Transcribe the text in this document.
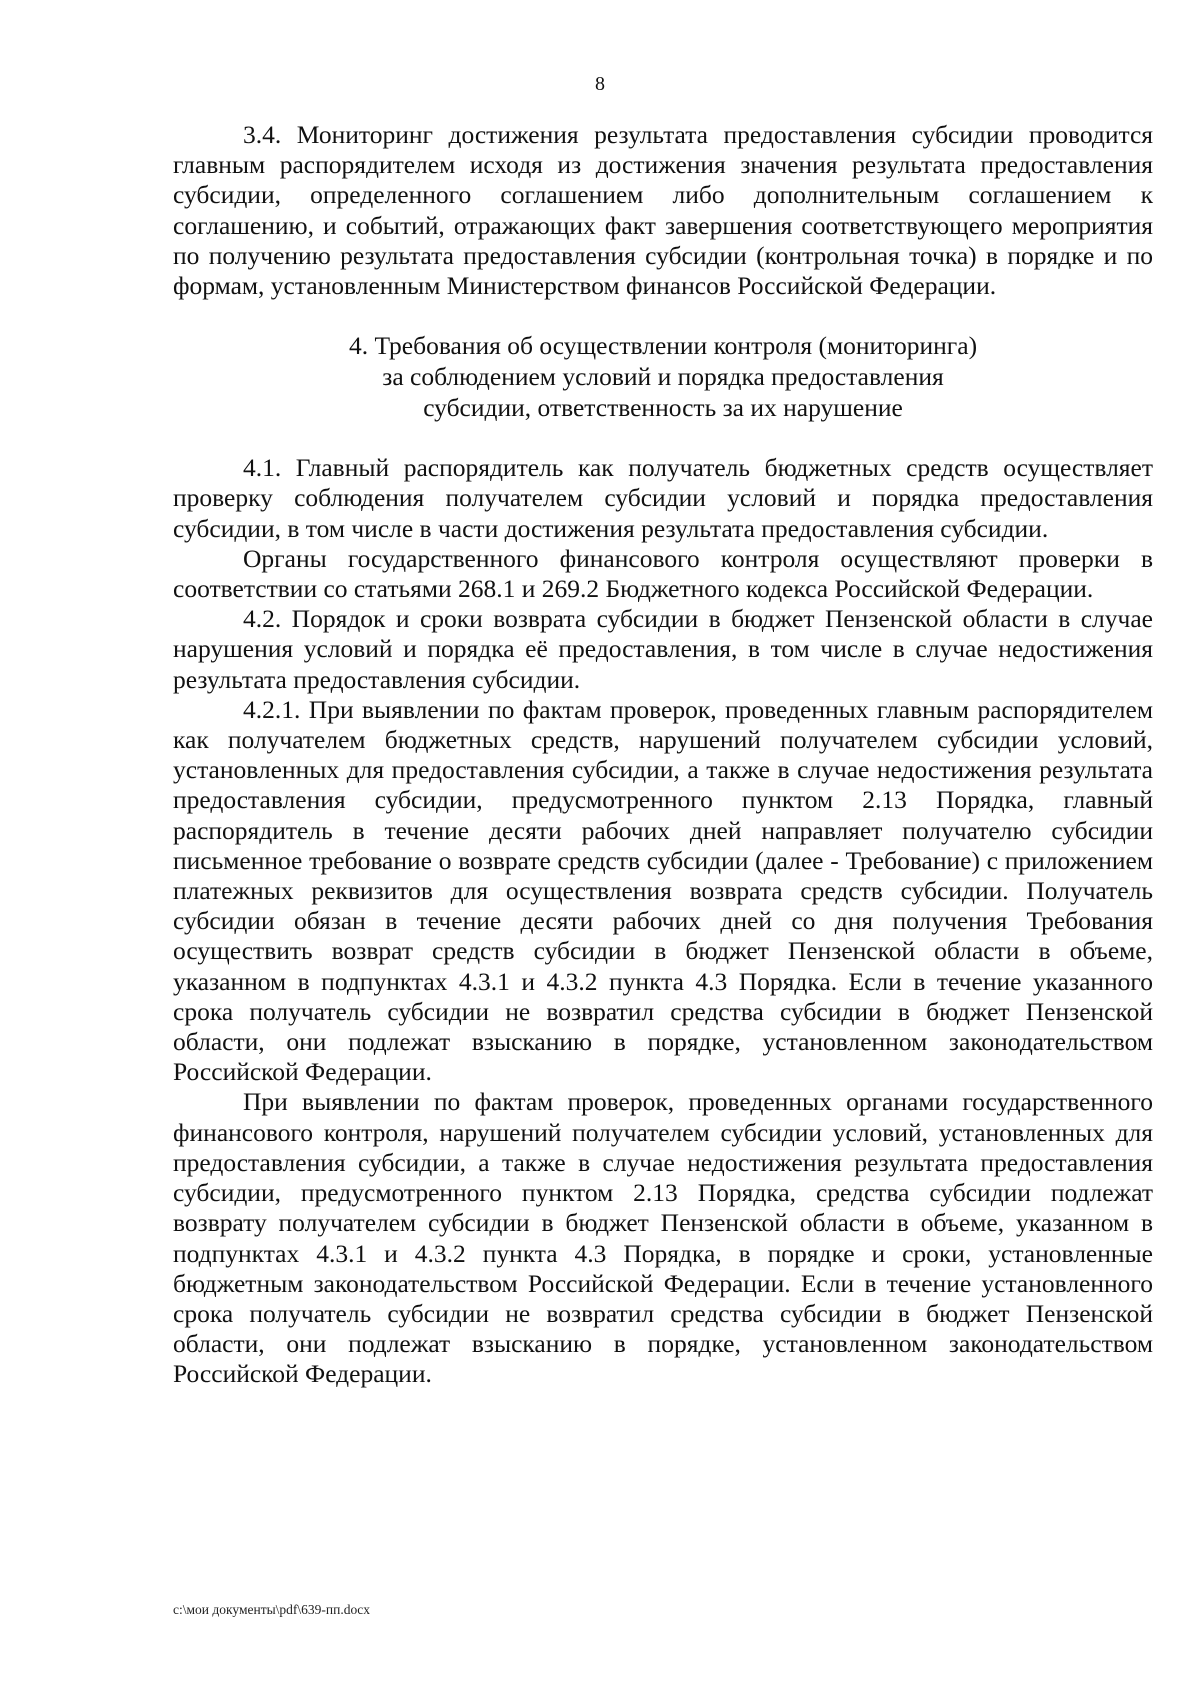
8

3.4. Мониторинг достижения результата предоставления субсидии проводится главным распорядителем исходя из достижения значения результата предоставления субсидии, определенного соглашением либо дополнительным соглашением к соглашению, и событий, отражающих факт завершения соответствующего мероприятия по получению результата предоставления субсидии (контрольная точка) в порядке и по формам, установленным Министерством финансов Российской Федерации.

4. Требования об осуществлении контроля (мониторинга)
за соблюдением условий и порядка предоставления
субсидии, ответственность за их нарушение

4.1. Главный распорядитель как получатель бюджетных средств осуществляет проверку соблюдения получателем субсидии условий и порядка предоставления субсидии, в том числе в части достижения результата предоставления субсидии.

Органы государственного финансового контроля осуществляют проверки в соответствии со статьями 268.1 и 269.2 Бюджетного кодекса Российской Федерации.

4.2. Порядок и сроки возврата субсидии в бюджет Пензенской области в случае нарушения условий и порядка её предоставления, в том числе в случае недостижения результата предоставления субсидии.

4.2.1. При выявлении по фактам проверок, проведенных главным распорядителем как получателем бюджетных средств, нарушений получателем субсидии условий, установленных для предоставления субсидии, а также в случае недостижения результата предоставления субсидии, предусмотренного пунктом 2.13 Порядка, главный распорядитель в течение десяти рабочих дней направляет получателю субсидии письменное требование о возврате средств субсидии (далее - Требование) с приложением платежных реквизитов для осуществления возврата средств субсидии. Получатель субсидии обязан в течение десяти рабочих дней со дня получения Требования осуществить возврат средств субсидии в бюджет Пензенской области в объеме, указанном в подпунктах 4.3.1 и 4.3.2 пункта 4.3 Порядка. Если в течение указанного срока получатель субсидии не возвратил средства субсидии в бюджет Пензенской области, они подлежат взысканию в порядке, установленном законодательством Российской Федерации.

При выявлении по фактам проверок, проведенных органами государственного финансового контроля, нарушений получателем субсидии условий, установленных для предоставления субсидии, а также в случае недостижения результата предоставления субсидии, предусмотренного пунктом 2.13 Порядка, средства субсидии подлежат возврату получателем субсидии в бюджет Пензенской области в объеме, указанном в подпунктах 4.3.1 и 4.3.2 пункта 4.3 Порядка, в порядке и сроки, установленные бюджетным законодательством Российской Федерации. Если в течение установленного срока получатель субсидии не возвратил средства субсидии в бюджет Пензенской области, они подлежат взысканию в порядке, установленном законодательством Российской Федерации.

c:\мои документы\pdf\639-пп.docx
